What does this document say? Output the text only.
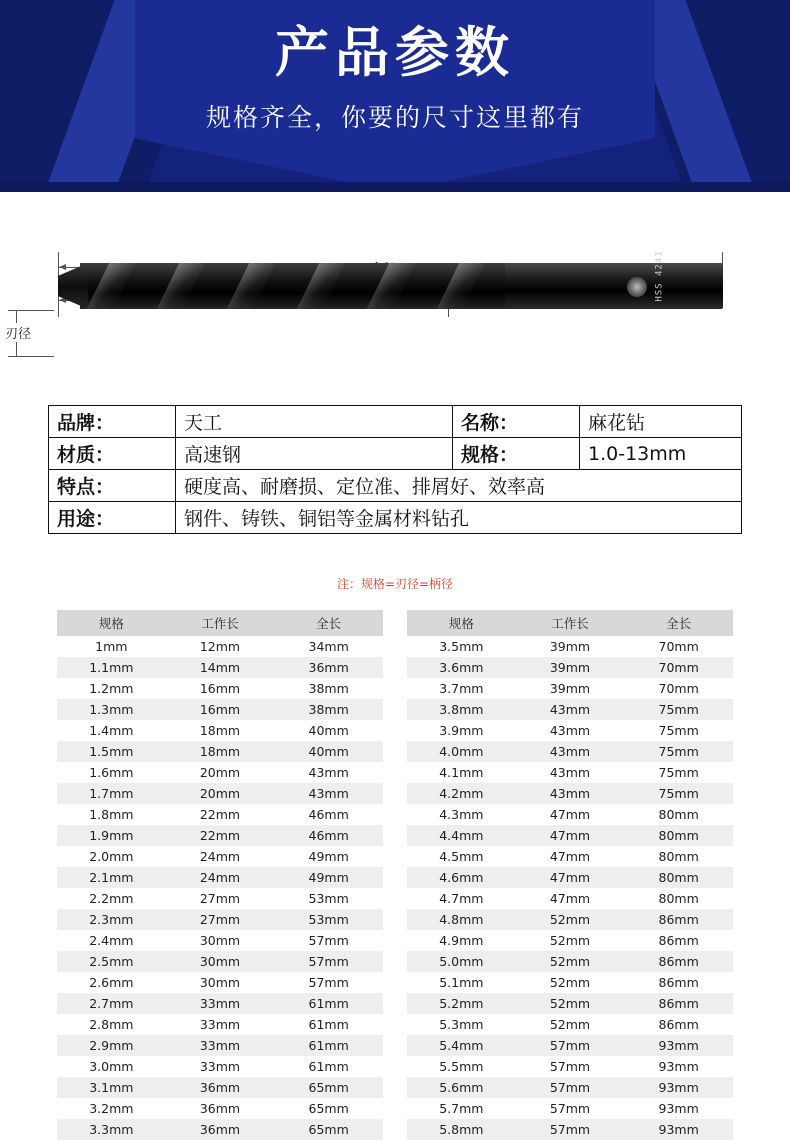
产品参数
规格齐全，你要的尺寸这里都有
刃径
HSS 4241
品牌：	天工	名称：	麻花钻
材质：	高速钢	规格：	1.0-13mm
特点：	硬度高、耐磨损、定位准、排屑好、效率高		
用途：	钢件、铸铁、铜铝等金属材料钻孔		
注：规格=刃径=柄径
规格	工作长	全长
1mm	12mm	34mm
1.1mm	14mm	36mm
1.2mm	16mm	38mm
1.3mm	16mm	38mm
1.4mm	18mm	40mm
1.5mm	18mm	40mm
1.6mm	20mm	43mm
1.7mm	20mm	43mm
1.8mm	22mm	46mm
1.9mm	22mm	46mm
2.0mm	24mm	49mm
2.1mm	24mm	49mm
2.2mm	27mm	53mm
2.3mm	27mm	53mm
2.4mm	30mm	57mm
2.5mm	30mm	57mm
2.6mm	30mm	57mm
2.7mm	33mm	61mm
2.8mm	33mm	61mm
2.9mm	33mm	61mm
3.0mm	33mm	61mm
3.1mm	36mm	65mm
3.2mm	36mm	65mm
3.3mm	36mm	65mm
规格	工作长	全长
3.5mm	39mm	70mm
3.6mm	39mm	70mm
3.7mm	39mm	70mm
3.8mm	43mm	75mm
3.9mm	43mm	75mm
4.0mm	43mm	75mm
4.1mm	43mm	75mm
4.2mm	43mm	75mm
4.3mm	47mm	80mm
4.4mm	47mm	80mm
4.5mm	47mm	80mm
4.6mm	47mm	80mm
4.7mm	47mm	80mm
4.8mm	52mm	86mm
4.9mm	52mm	86mm
5.0mm	52mm	86mm
5.1mm	52mm	86mm
5.2mm	52mm	86mm
5.3mm	52mm	86mm
5.4mm	57mm	93mm
5.5mm	57mm	93mm
5.6mm	57mm	93mm
5.7mm	57mm	93mm
5.8mm	57mm	93mm
